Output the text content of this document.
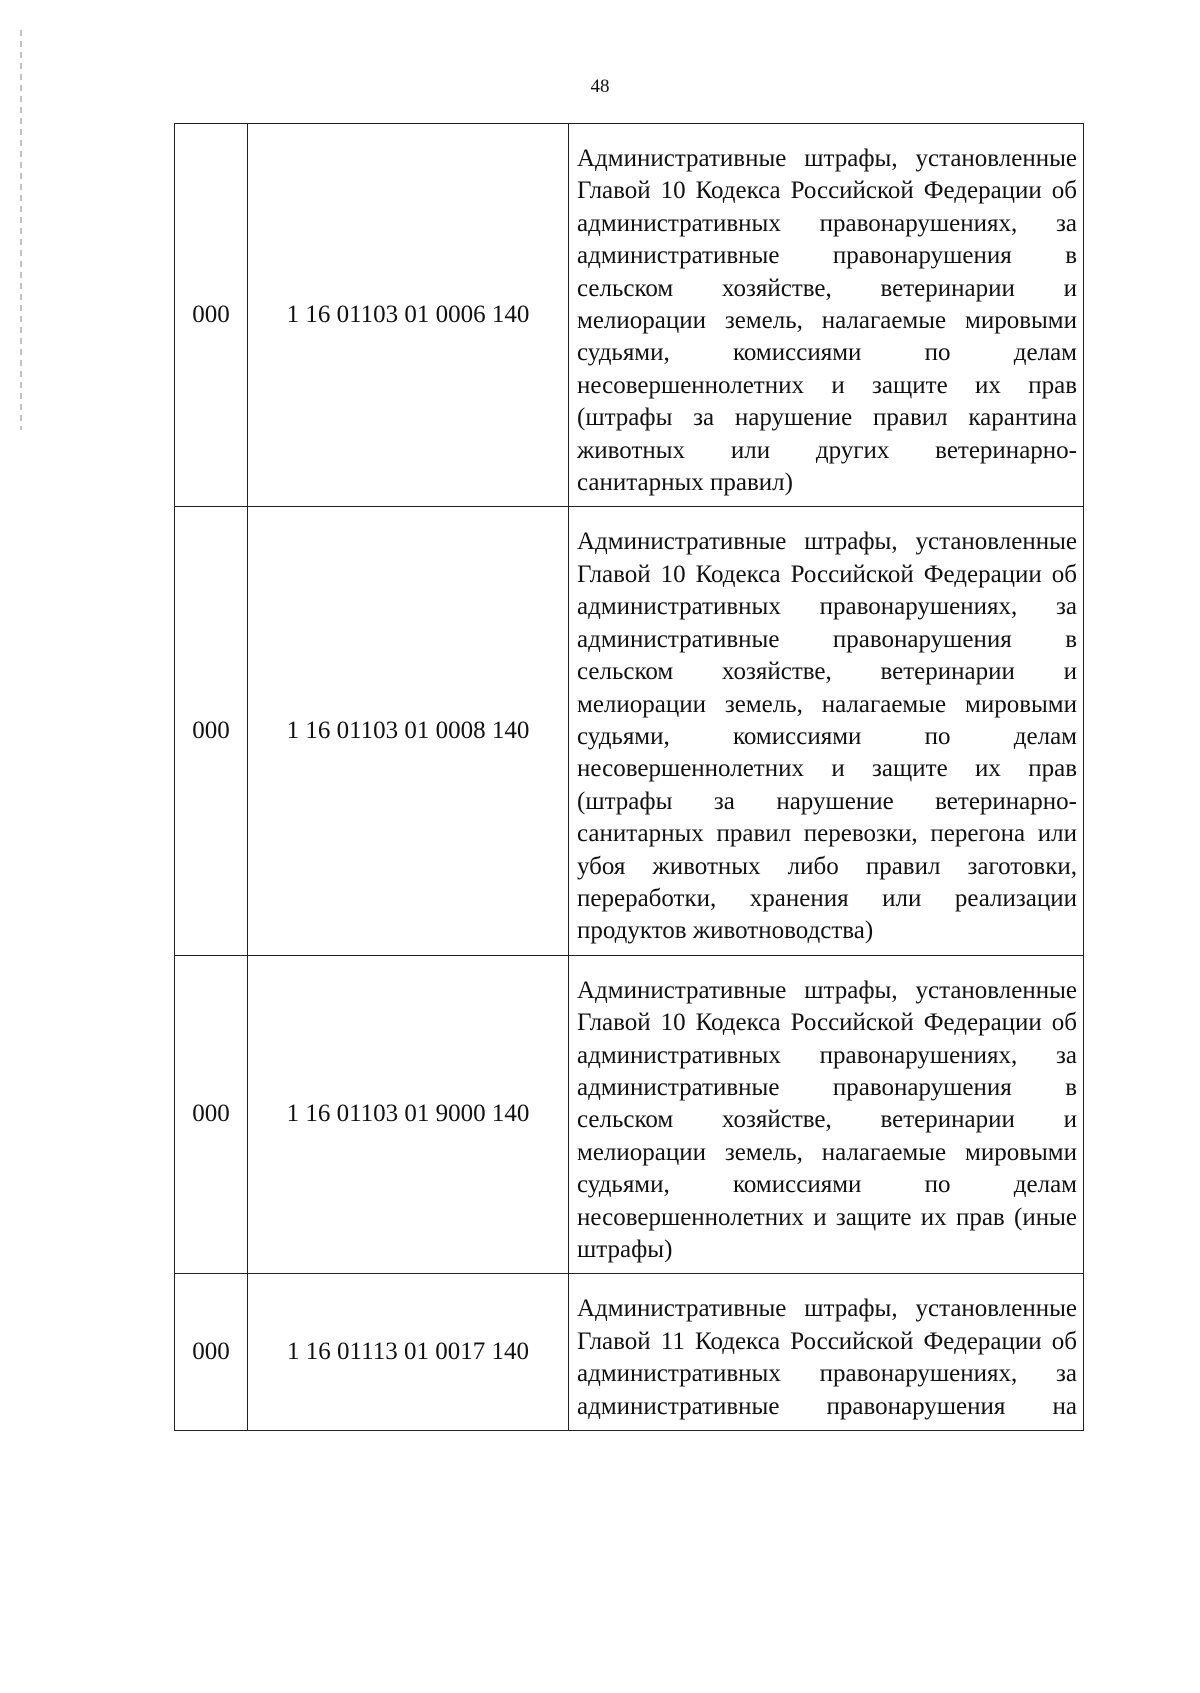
48
000	1 16 01103 01 0006 140	Административные штрафы, установленные Главой 10 Кодекса Российской Федерации об административных правонарушениях, за административные правонарушения в сельском хозяйстве, ветеринарии и мелиорации земель, налагаемые мировыми судьями, комиссиями по делам несовершеннолетних и защите их прав (штрафы за нарушение правил карантина животных или других ветеринарно-санитарных правил)
000	1 16 01103 01 0008 140	Административные штрафы, установленные Главой 10 Кодекса Российской Федерации об административных правонарушениях, за административные правонарушения в сельском хозяйстве, ветеринарии и мелиорации земель, налагаемые мировыми судьями, комиссиями по делам несовершеннолетних и защите их прав (штрафы за нарушение ветеринарно-санитарных правил перевозки, перегона или убоя животных либо правил заготовки, переработки, хранения или реализации продуктов животноводства)
000	1 16 01103 01 9000 140	Административные штрафы, установленные Главой 10 Кодекса Российской Федерации об административных правонарушениях, за административные правонарушения в сельском хозяйстве, ветеринарии и мелиорации земель, налагаемые мировыми судьями, комиссиями по делам несовершеннолетних и защите их прав (иные штрафы)
000	1 16 01113 01 0017 140	Административные штрафы, установленные Главой 11 Кодекса Российской Федерации об административных правонарушениях, за административные правонарушения на
